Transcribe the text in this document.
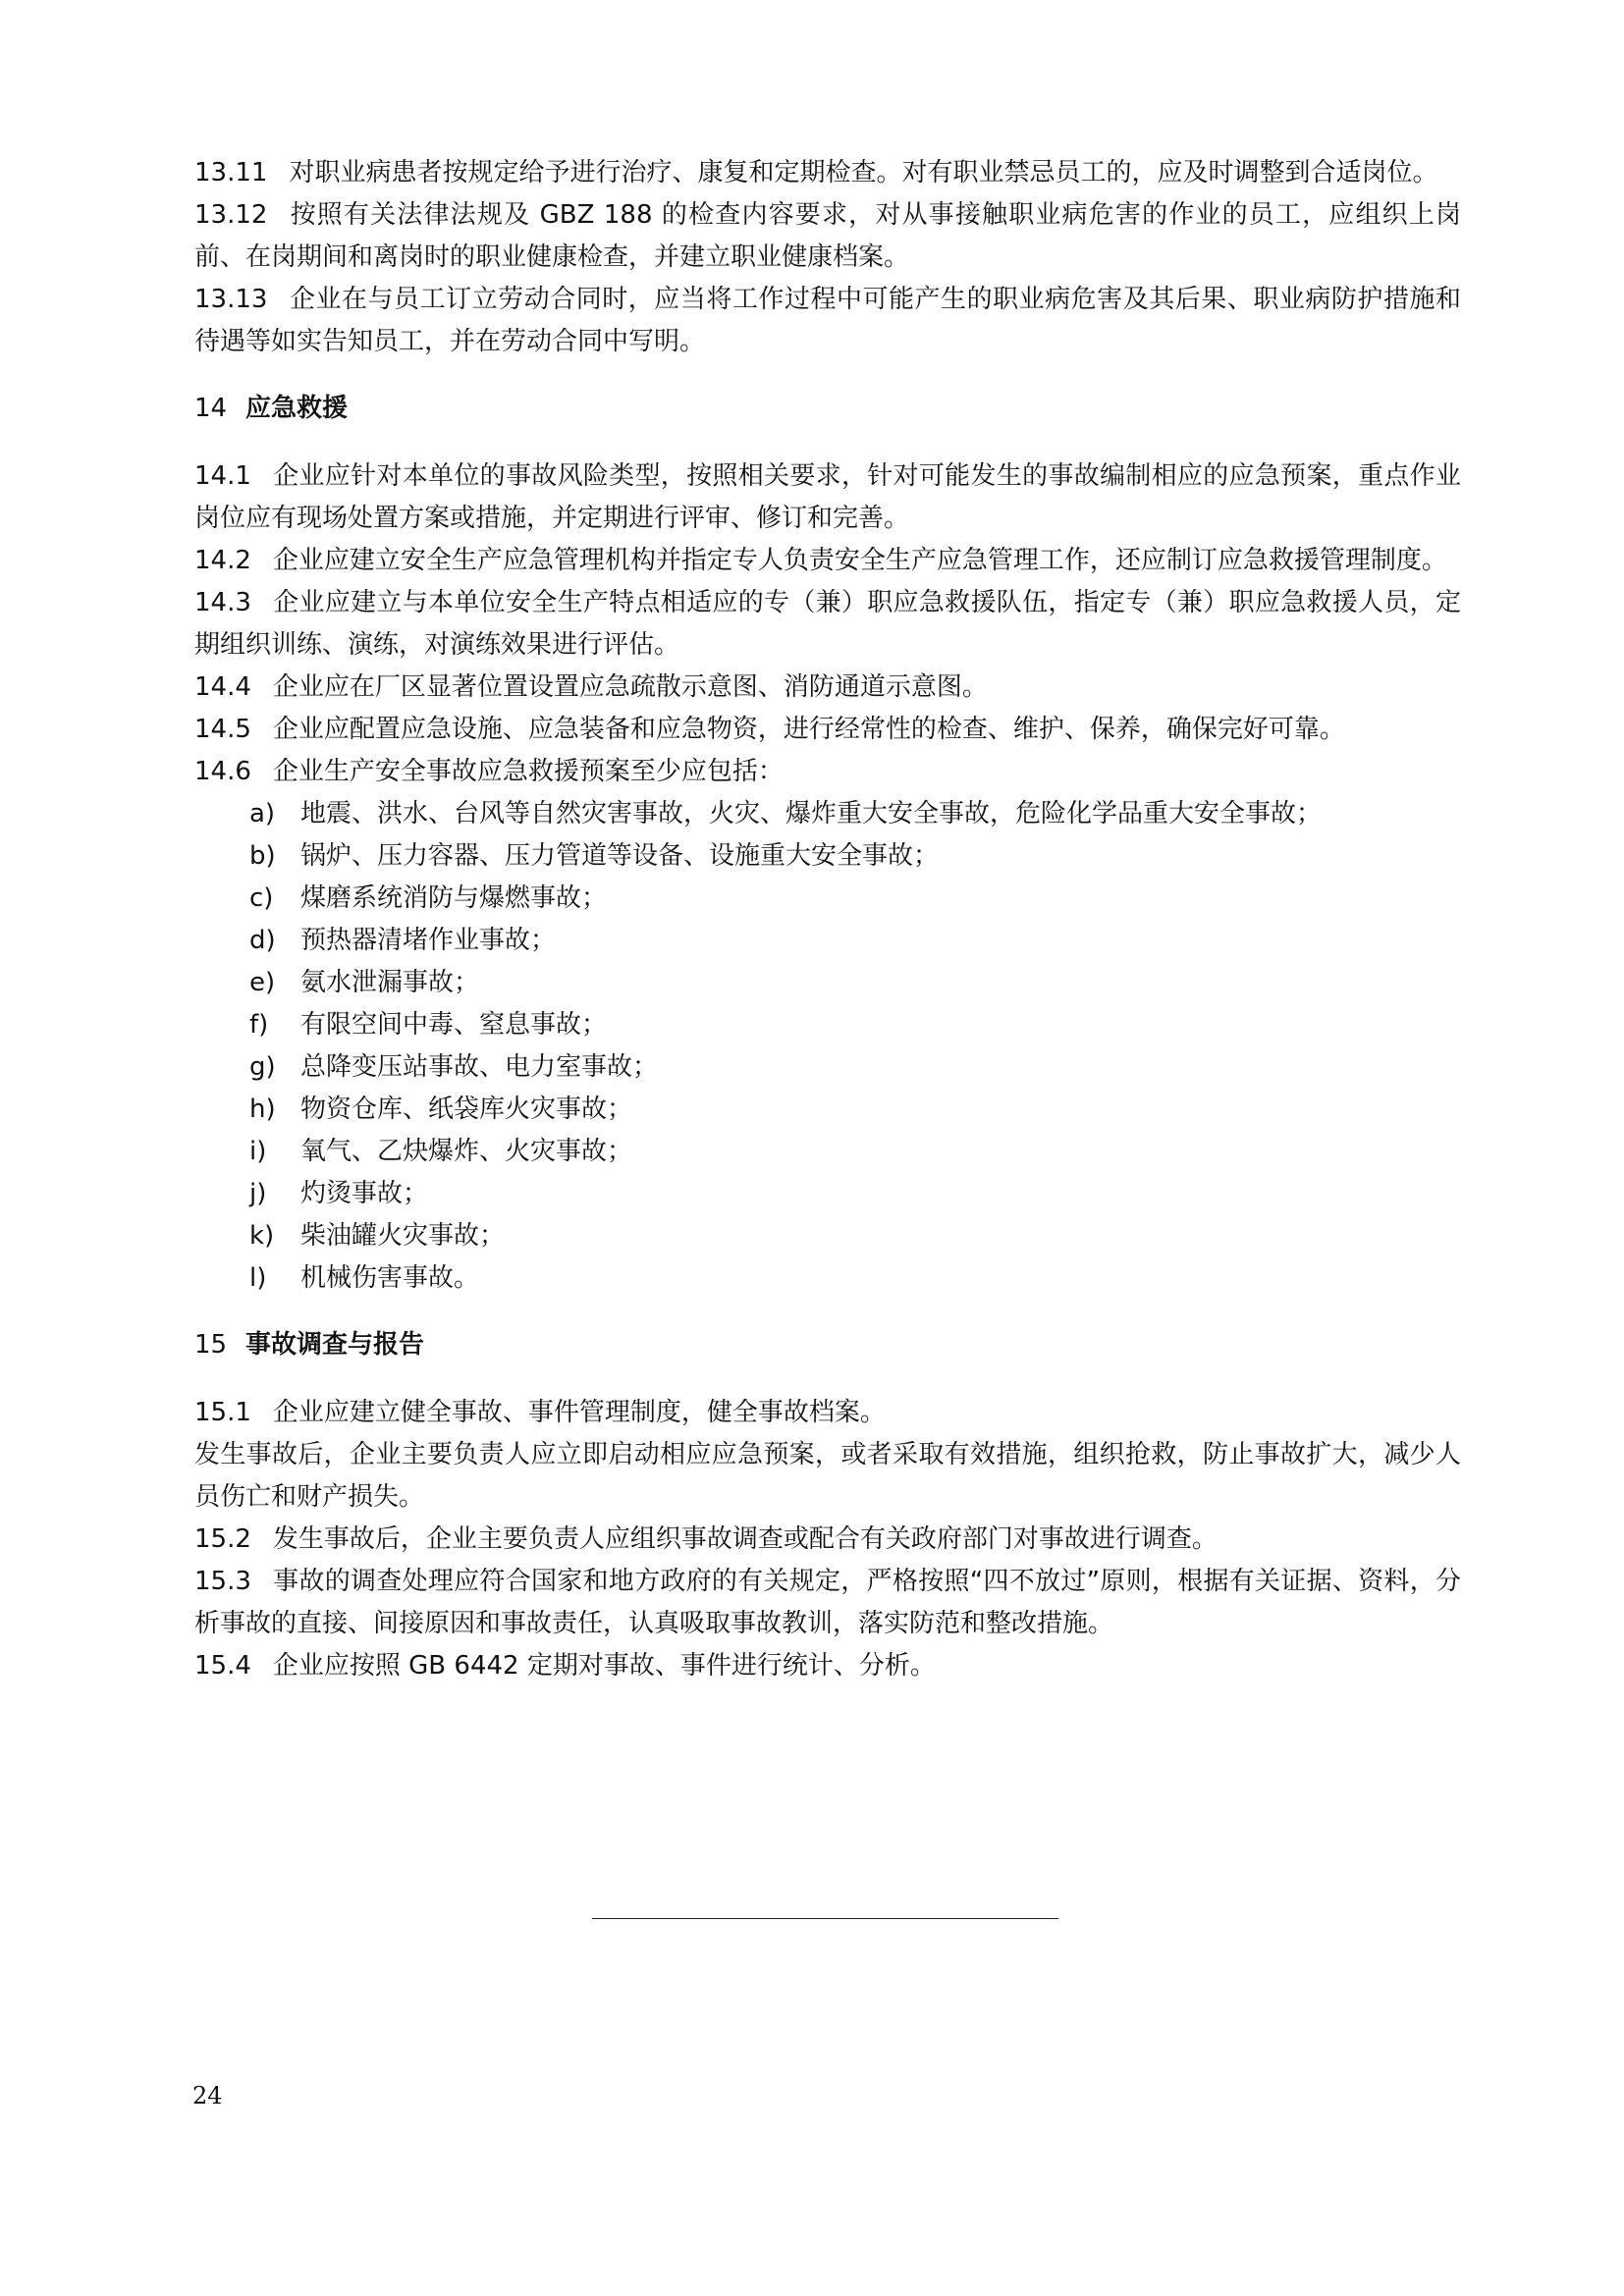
13.11 对职业病患者按规定给予进行治疗、康复和定期检查。对有职业禁忌员工的，应及时调整到合适岗位。

13.12 按照有关法律法规及 GBZ 188 的检查内容要求，对从事接触职业病危害的作业的员工，应组织上岗前、在岗期间和离岗时的职业健康检查，并建立职业健康档案。

13.13 企业在与员工订立劳动合同时，应当将工作过程中可能产生的职业病危害及其后果、职业病防护措施和待遇等如实告知员工，并在劳动合同中写明。

14 应急救援

14.1 企业应针对本单位的事故风险类型，按照相关要求，针对可能发生的事故编制相应的应急预案，重点作业岗位应有现场处置方案或措施，并定期进行评审、修订和完善。

14.2 企业应建立安全生产应急管理机构并指定专人负责安全生产应急管理工作，还应制订应急救援管理制度。

14.3 企业应建立与本单位安全生产特点相适应的专（兼）职应急救援队伍，指定专（兼）职应急救援人员，定期组织训练、演练，对演练效果进行评估。

14.4 企业应在厂区显著位置设置应急疏散示意图、消防通道示意图。

14.5 企业应配置应急设施、应急装备和应急物资，进行经常性的检查、维护、保养，确保完好可靠。

14.6 企业生产安全事故应急救援预案至少应包括：

a) 地震、洪水、台风等自然灾害事故，火灾、爆炸重大安全事故，危险化学品重大安全事故；
b) 锅炉、压力容器、压力管道等设备、设施重大安全事故；
c) 煤磨系统消防与爆燃事故；
d) 预热器清堵作业事故；
e) 氨水泄漏事故；
f) 有限空间中毒、窒息事故；
g) 总降变压站事故、电力室事故；
h) 物资仓库、纸袋库火灾事故；
i) 氧气、乙炔爆炸、火灾事故；
j) 灼烫事故；
k) 柴油罐火灾事故；
l) 机械伤害事故。
15 事故调查与报告

15.1 企业应建立健全事故、事件管理制度，健全事故档案。

发生事故后，企业主要负责人应立即启动相应应急预案，或者采取有效措施，组织抢救，防止事故扩大，减少人员伤亡和财产损失。

15.2 发生事故后，企业主要负责人应组织事故调查或配合有关政府部门对事故进行调查。

15.3 事故的调查处理应符合国家和地方政府的有关规定，严格按照“四不放过”原则，根据有关证据、资料，分析事故的直接、间接原因和事故责任，认真吸取事故教训，落实防范和整改措施。

15.4 企业应按照 GB 6442 定期对事故、事件进行统计、分析。

24
